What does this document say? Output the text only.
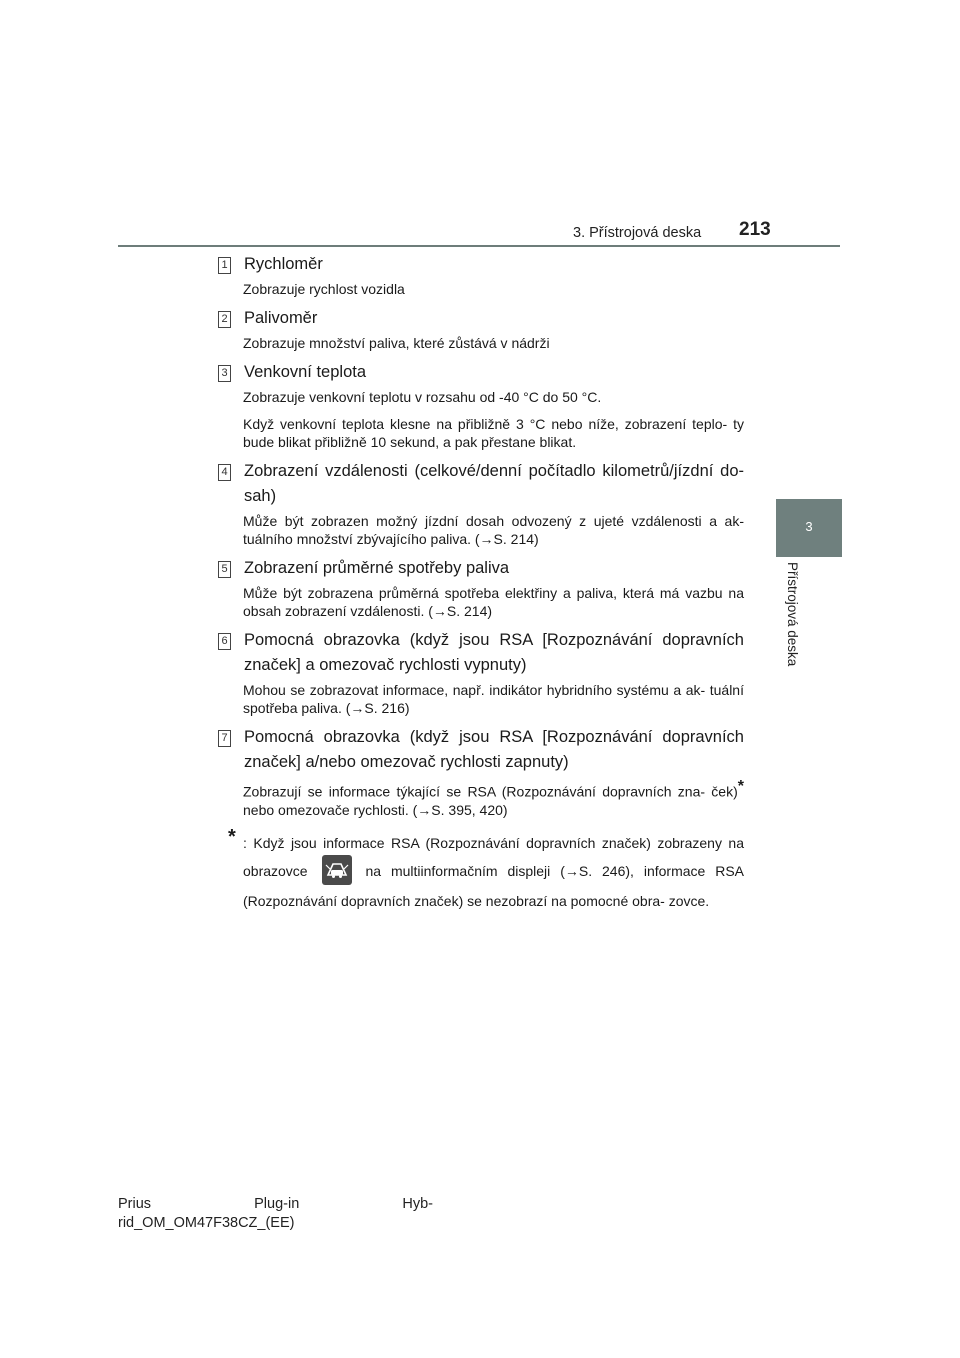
3. Přístrojová deska 213
3
Přístrojová deska
1 Rychloměr
Zobrazuje rychlost vozidla
2 Palivoměr
Zobrazuje množství paliva, které zůstává v nádrži
3 Venkovní teplota
Zobrazuje venkovní teplotu v rozsahu od -40 °C do 50 °C.
Když venkovní teplota klesne na přibližně 3 °C nebo níže, zobrazení teplo- ty bude blikat přibližně 10 sekund, a pak přestane blikat.
4 Zobrazení vzdálenosti (celkové/denní počítadlo kilometrů/jízdní do- sah)
Může být zobrazen možný jízdní dosah odvozený z ujeté vzdálenosti a ak- tuálního množství zbývajícího paliva. (→S. 214)
5 Zobrazení průměrné spotřeby paliva
Může být zobrazena průměrná spotřeba elektřiny a paliva, která má vazbu na obsah zobrazení vzdálenosti. (→S. 214)
6 Pomocná obrazovka (když jsou RSA [Rozpoznávání dopravních značek] a omezovač rychlosti vypnuty)
Mohou se zobrazovat informace, např. indikátor hybridního systému a ak- tuální spotřeba paliva. (→S. 216)
7 Pomocná obrazovka (když jsou RSA [Rozpoznávání dopravních značek] a/nebo omezovač rychlosti zapnuty)
Zobrazují se informace týkající se RSA (Rozpoznávání dopravních zna- ček)* nebo omezovače rychlosti. (→S. 395, 420)
* : Když jsou informace RSA (Rozpoznávání dopravních značek) zobrazeny na obrazovce	na multiinformačním displeji (→S. 246), informace RSA (Rozpoznávání dopravních značek) se nezobrazí na pomocné obra- zovce.
Prius	Plug-in	Hyb-
rid_OM_OM47F38CZ_(EE)
